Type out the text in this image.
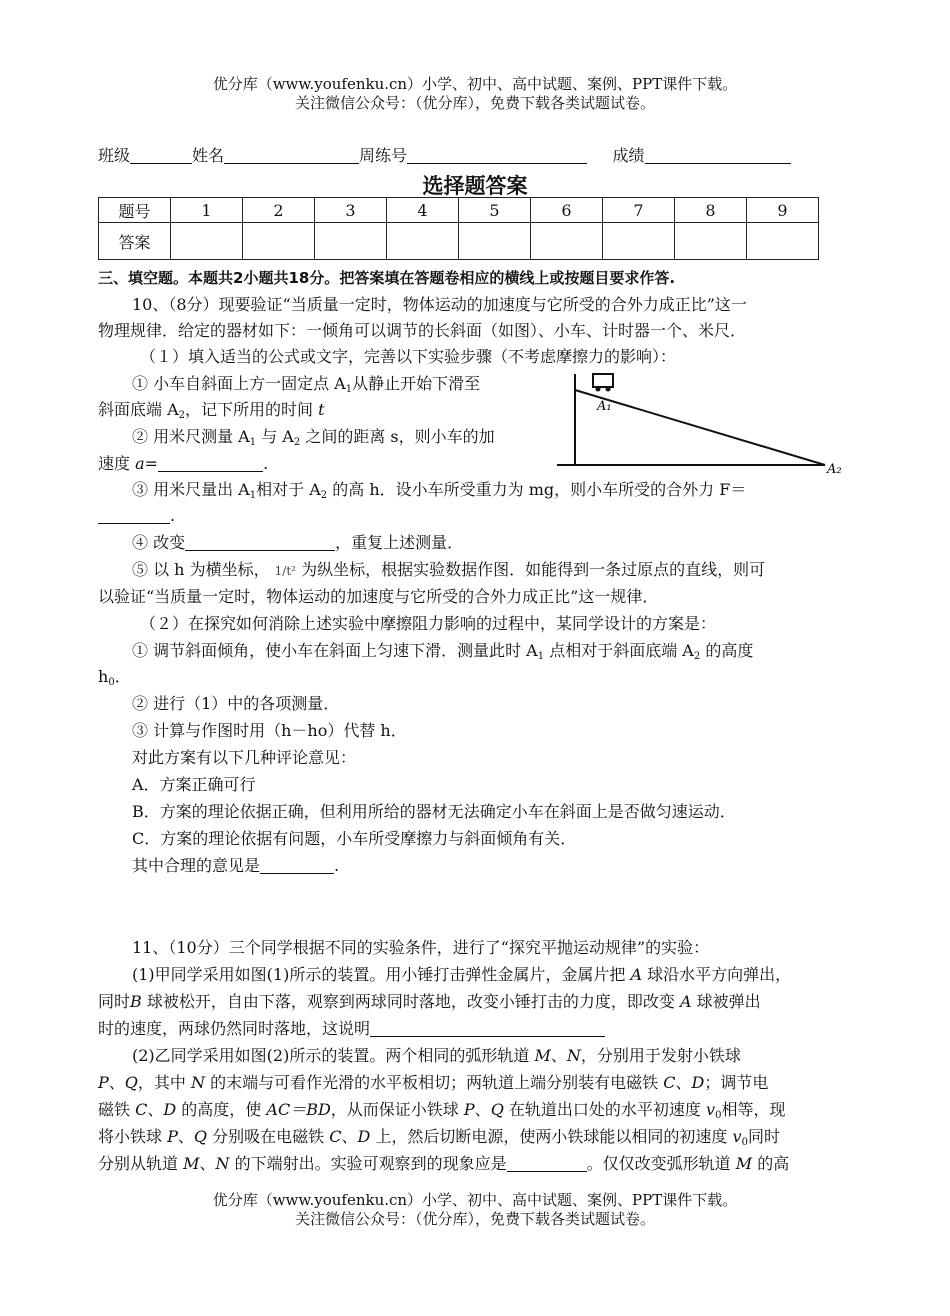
优分库（www.youfenku.cn）小学、初中、高中试题、案例、PPT课件下载。
关注微信公众号：（优分库），免费下载各类试题试卷。
班级	姓名	周练号	成绩
选择题答案
题号	1	2	3	4	5	6	7	8	9
答案									
三、填空题。本题共2小题共18分。把答案填在答题卷相应的横线上或按题目要求作答.
10、（8分）现要验证“当质量一定时，物体运动的加速度与它所受的合外力成正比”这一
物理规律．给定的器材如下：一倾角可以调节的长斜面（如图）、小车、计时器一个、米尺．
（１）填入适当的公式或文字，完善以下实验步骤（不考虑摩擦力的影响）：
① 小车自斜面上方一固定点 $A_1$从静止开始下滑至
斜面底端 $A_2$，记下所用的时间 t
② 用米尺测量 $A_1$ 与 $A_2$ 之间的距离 s，则小车的加
速度 a=	.
A₁
A₂
③ 用米尺量出 $A_1$相对于 $A_2$ 的高 h．设小车所受重力为 mg，则小车所受的合外力 F＝
.
④ 改变	，重复上述测量．
⑤ 以 h 为横坐标， 1/t² 为纵坐标，根据实验数据作图．如能得到一条过原点的直线，则可
以验证“当质量一定时，物体运动的加速度与它所受的合外力成正比”这一规律．
（２）在探究如何消除上述实验中摩擦阻力影响的过程中，某同学设计的方案是：
① 调节斜面倾角，使小车在斜面上匀速下滑．测量此时 $A_1$ 点相对于斜面底端 $A_2$ 的高度
$h_0$．
② 进行（1）中的各项测量．
③ 计算与作图时用（h－ho）代替 h．
对此方案有以下几种评论意见：
A．方案正确可行
B．方案的理论依据正确，但利用所给的器材无法确定小车在斜面上是否做匀速运动．
C．方案的理论依据有问题，小车所受摩擦力与斜面倾角有关．
其中合理的意见是	.
11、（10分）三个同学根据不同的实验条件，进行了“探究平抛运动规律”的实验：
(1)甲同学采用如图(1)所示的装置。用小锤打击弹性金属片，金属片把 A 球沿水平方向弹出，
同时B 球被松开，自由下落，观察到两球同时落地，改变小锤打击的力度，即改变 A 球被弹出
时的速度，两球仍然同时落地，这说明
(2)乙同学采用如图(2)所示的装置。两个相同的弧形轨道 M、N，分别用于发射小铁球
P、Q，其中 N 的末端与可看作光滑的水平板相切；两轨道上端分别装有电磁铁 C、D；调节电
磁铁 C、D 的高度，使 AC＝BD，从而保证小铁球 P、Q 在轨道出口处的水平初速度 $v_0$相等，现
将小铁球 P、Q 分别吸在电磁铁 C、D 上，然后切断电源，使两小铁球能以相同的初速度 $v_0$同时
分别从轨道 M、N 的下端射出。实验可观察到的现象应是	。仅仅改变弧形轨道 M 的高
优分库（www.youfenku.cn）小学、初中、高中试题、案例、PPT课件下载。
关注微信公众号：（优分库），免费下载各类试题试卷。
